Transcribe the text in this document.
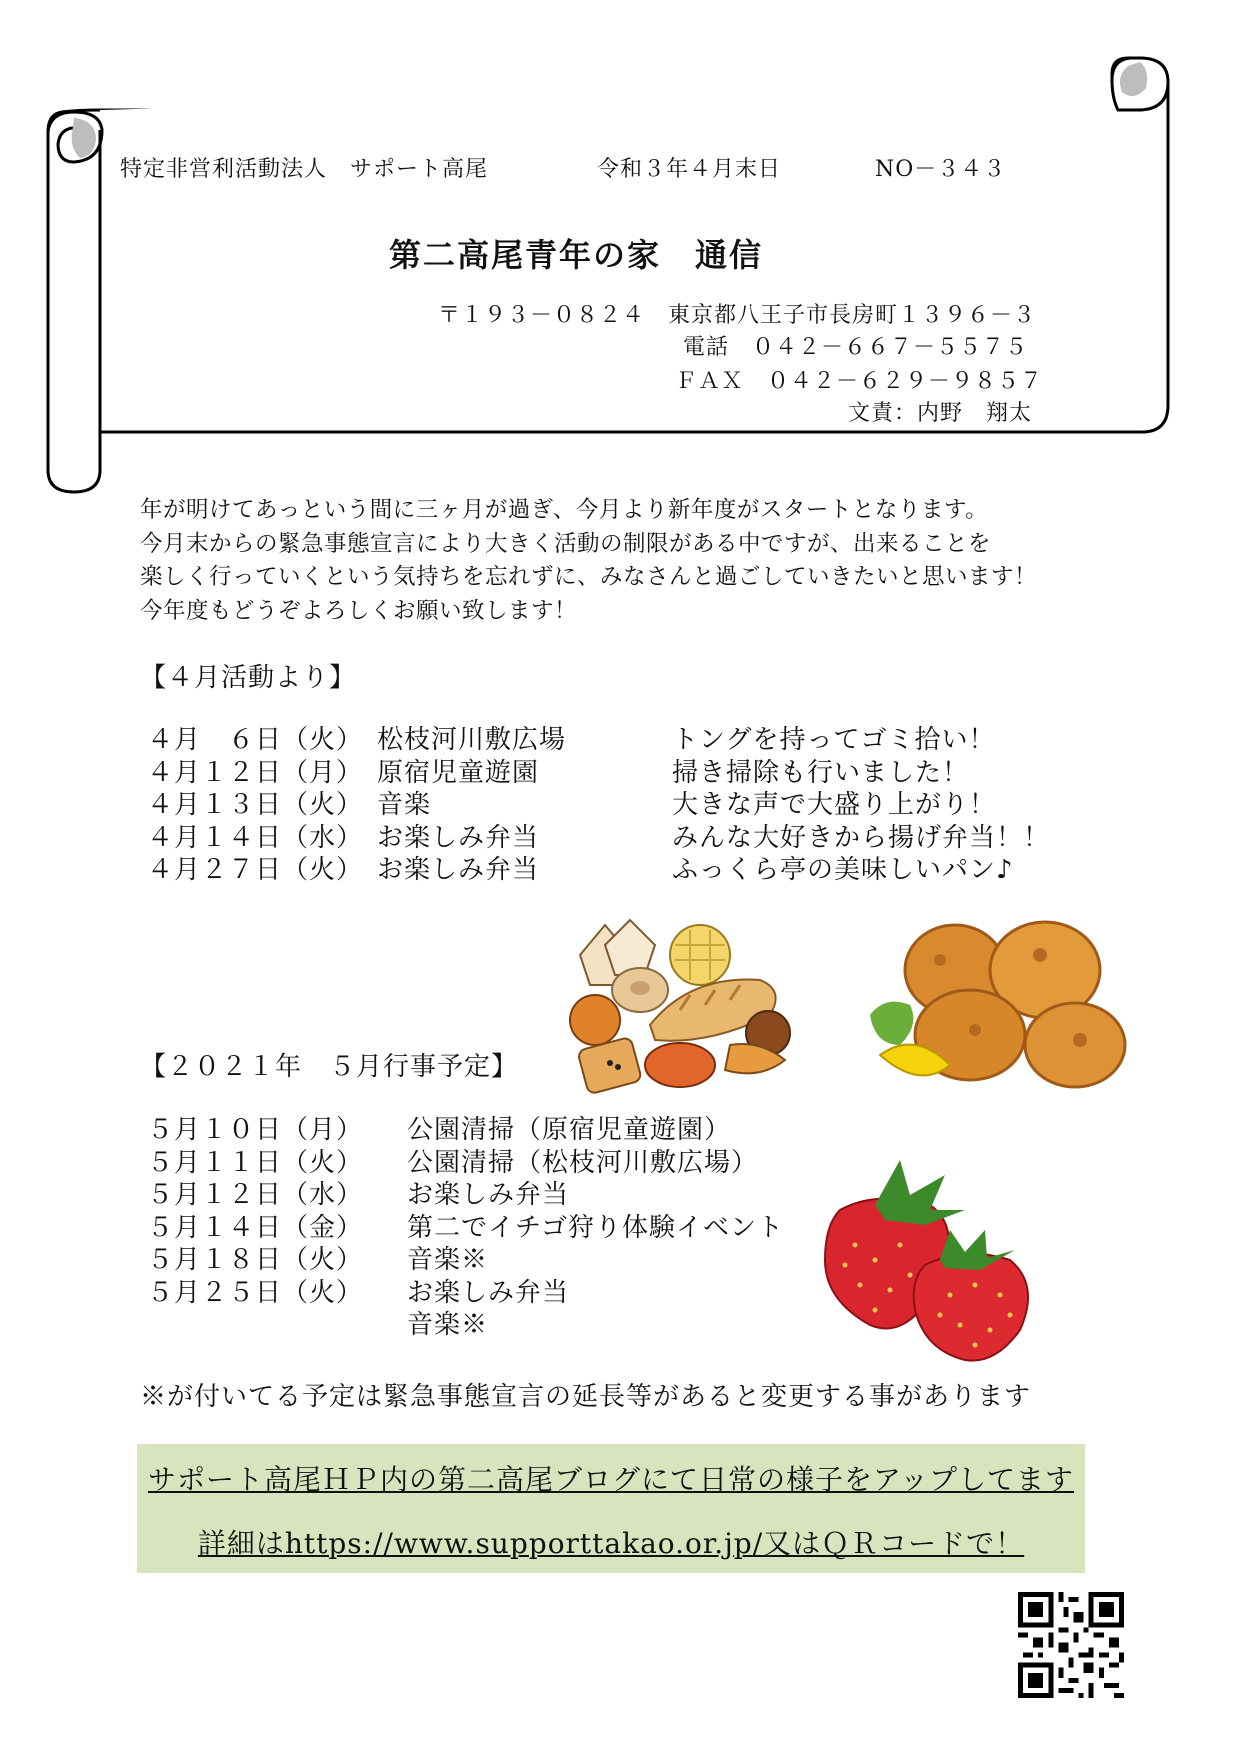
特定非営利活動法人　サポート高尾	令和３年４月末日	NO－３４３
第二高尾青年の家　通信
〒１９３－０８２４　東京都八王子市長房町１３９６－３
電話　０４２－６６７－５５７５
ＦＡＸ　０４２－６２９－９８５７
文責：内野　翔太
年が明けてあっという間に三ヶ月が過ぎ、今月より新年度がスタートとなります。
今月末からの緊急事態宣言により大きく活動の制限がある中ですが、出来ることを
楽しく行っていくという気持ちを忘れずに、みなさんと過ごしていきたいと思います！
今年度もどうぞよろしくお願い致します！
【４月活動より】
４月　６日（火） 松枝河川敷広場	トングを持ってゴミ拾い！
４月１２日（月） 原宿児童遊園	掃き掃除も行いました！
４月１３日（火） 音楽	大きな声で大盛り上がり！
４月１４日（水） お楽しみ弁当	みんな大好きから揚げ弁当！！
４月２７日（火） お楽しみ弁当	ふっくら亭の美味しいパン♪
【２０２１年　５月行事予定】
５月１０日（月）	公園清掃（原宿児童遊園）
５月１１日（火）	公園清掃（松枝河川敷広場）
５月１２日（水）	お楽しみ弁当
５月１４日（金）	第二でイチゴ狩り体験イベント
５月１８日（火）	音楽※
５月２５日（火）	お楽しみ弁当
音楽※
※が付いてる予定は緊急事態宣言の延長等があると変更する事があります
サポート高尾ＨＰ内の第二高尾ブログにて日常の様子をアップしてます
詳細はhttps://www.supporttakao.or.jp/又はＱＲコードで！
